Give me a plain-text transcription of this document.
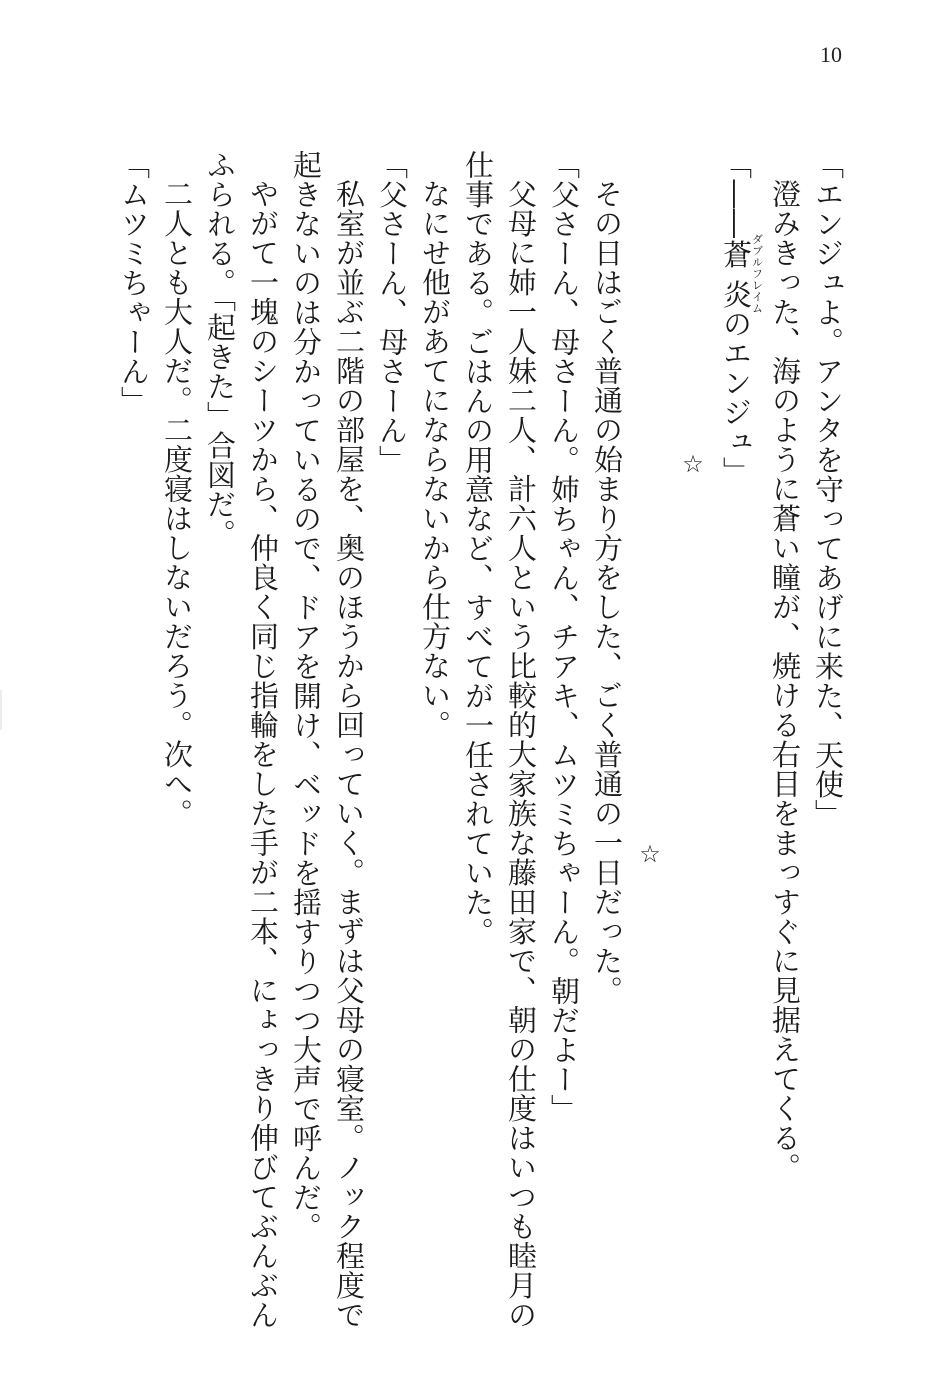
10
「エンジュよ。アンタを守ってあげに来た、天使」
澄みきった、海のように蒼い瞳が、焼ける右目をまっすぐに見据えてくる。
「――蒼炎ダブルフレイムのエンジュ」
☆
☆
その日はごく普通の始まり方をした、ごく普通の一日だった。
「父さーん、母さーん。姉ちゃん、チアキ、ムツミちゃーん。朝だよー」
父母に姉一人妹二人、計六人という比較的大家族な藤田家で、朝の仕度はいつも睦月の
仕事である。ごはんの用意など、すべてが一任されていた。
なにせ他があてにならないから仕方ない。
「父さーん、母さーん」
私室が並ぶ二階の部屋を、奥のほうから回っていく。まずは父母の寝室。ノック程度で
起きないのは分かっているので、ドアを開け、ベッドを揺すりつつ大声で呼んだ。
やがて一塊のシーツから、仲良く同じ指輪をした手が二本、にょっきり伸びてぶんぶん
ふられる。「起きた」合図だ。
二人とも大人だ。二度寝はしないだろう。次へ。
「ムツミちゃーん」
